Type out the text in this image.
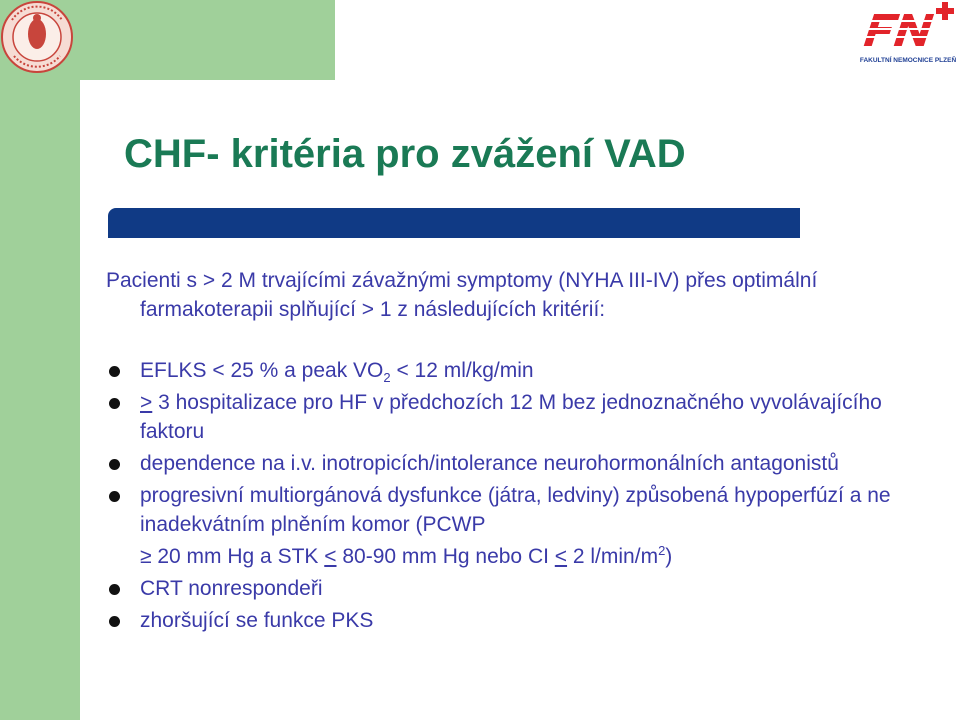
FAKULTNÍ NEMOCNICE PLZEŇ
CHF- kritéria pro zvážení VAD

Pacienti s > 2 M trvajícími závažnými symptomy (NYHA III-IV) přes optimální farmakoterapii splňující > 1 z následujících kritérií:

EFLKS < 25 % a peak $VO_2 < 12$ ml/kg/min
> 3 hospitalizace pro HF v předchozích 12 M bez jednoznačného vyvolávajícího faktoru
dependence na i.v. inotropicích/intolerance neurohormonálních antagonistů
progresivní multiorgánová dysfunkce (játra, ledviny) způsobená hypoperfúzí a ne inadekvátním plněním komor (PCWP
≥ 20 mm Hg a STK < 80-90 mm Hg nebo CI < 2 $l/\min/m^2$)
CRT nonrespondeři
zhoršující se funkce PKS
